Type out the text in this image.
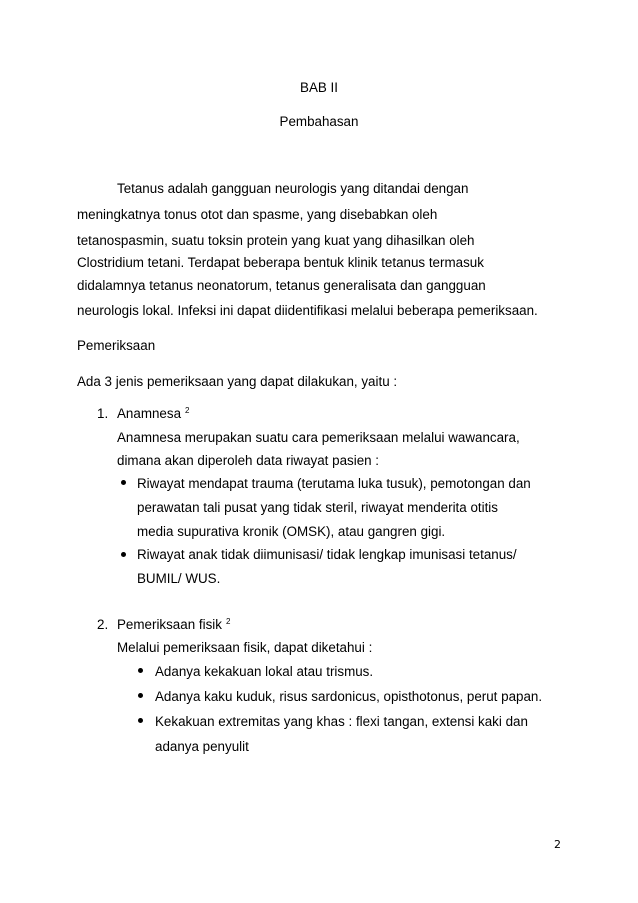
BAB II
Pembahasan
Tetanus adalah gangguan neurologis yang ditandai dengan
meningkatnya tonus otot dan spasme, yang disebabkan oleh
tetanospasmin, suatu toksin protein yang kuat yang dihasilkan oleh
Clostridium tetani. Terdapat beberapa bentuk klinik tetanus termasuk
didalamnya tetanus neonatorum, tetanus generalisata dan gangguan
neurologis lokal. Infeksi ini dapat diidentifikasi melalui beberapa pemeriksaan.
Pemeriksaan
Ada 3 jenis pemeriksaan yang dapat dilakukan, yaitu :
1. Anamnesa $^2$
Anamnesa merupakan suatu cara pemeriksaan melalui wawancara,
dimana akan diperoleh data riwayat pasien :
Riwayat mendapat trauma (terutama luka tusuk), pemotongan dan
perawatan tali pusat yang tidak steril, riwayat menderita otitis
media supurativa kronik (OMSK), atau gangren gigi.
Riwayat anak tidak diimunisasi/ tidak lengkap imunisasi tetanus/
BUMIL/ WUS.
2. Pemeriksaan fisik $^2$
Melalui pemeriksaan fisik, dapat diketahui :
Adanya kekakuan lokal atau trismus.
Adanya kaku kuduk, risus sardonicus, opisthotonus, perut papan.
Kekakuan extremitas yang khas : flexi tangan, extensi kaki dan
adanya penyulit
2
